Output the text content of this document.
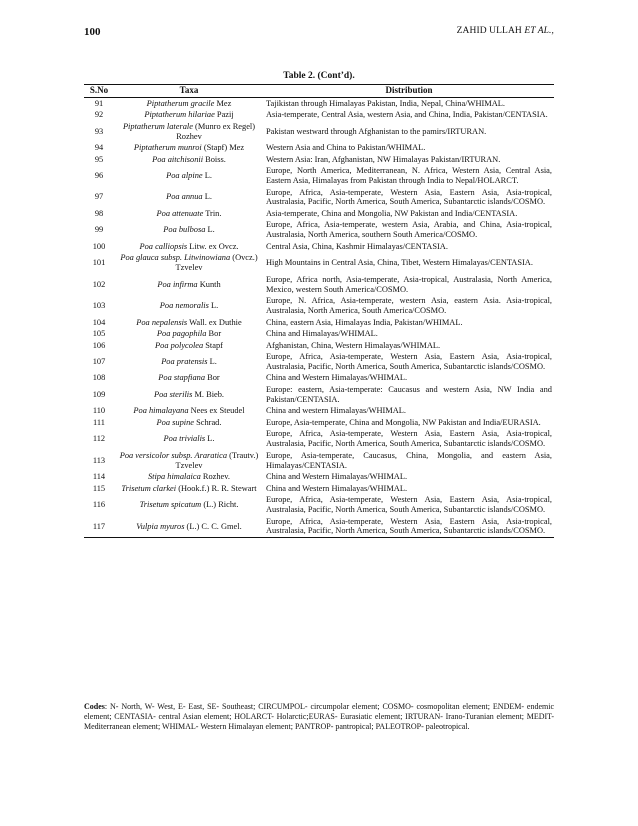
100	ZAHID ULLAH ET AL.,
Table 2. (Cont’d).
S.No	Taxa	Distribution
91	Piptatherum gracile Mez	Tajikistan through Himalayas Pakistan, India, Nepal, China/WHIMAL.
92	Piptatherum hilariae Pazij	Asia-temperate, Central Asia, western Asia, and China, India, Pakistan/CENTASIA.
93	Piptatherum laterale (Munro ex Regel) Rozhev	Pakistan westward through Afghanistan to the pamirs/IRTURAN.
94	Piptatherum munroi (Stapf) Mez	Western Asia and China to Pakistan/WHIMAL.
95	Poa aitchisonii Boiss.	Western Asia: Iran, Afghanistan, NW Himalayas Pakistan/IRTURAN.
96	Poa alpine L.	Europe, North America, Mediterranean, N. Africa, Western Asia, Central Asia, Eastern Asia, Himalayas from Pakistan through India to Nepal/HOLARCT.
97	Poa annua L.	Europe, Africa, Asia-temperate, Western Asia, Eastern Asia, Asia-tropical, Australasia, Pacific, North America, South America, Subantarctic islands/COSMO.
98	Poa attenuate Trin.	Asia-temperate, China and Mongolia, NW Pakistan and India/CENTASIA.
99	Poa bulbosa L.	Europe, Africa, Asia-temperate, western Asia, Arabia, and China, Asia-tropical, Australasia, North America, southern South America/COSMO.
100	Poa calliopsis Litw. ex Ovcz.	Central Asia, China, Kashmir Himalayas/CENTASIA.
101	Poa glauca subsp. Litwinowiana (Ovcz.) Tzvelev	High Mountains in Central Asia, China, Tibet, Western Himalayas/CENTASIA.
102	Poa infirma Kunth	Europe, Africa north, Asia-temperate, Asia-tropical, Australasia, North America, Mexico, western South America/COSMO.
103	Poa nemoralis L.	Europe, N. Africa, Asia-temperate, western Asia, eastern Asia. Asia-tropical, Australasia, North America, South America/COSMO.
104	Poa nepalensis Wall. ex Duthie	China, eastern Asia, Himalayas India, Pakistan/WHIMAL.
105	Poa pagophila Bor	China and Himalayas/WHIMAL.
106	Poa polycolea Stapf	Afghanistan, China, Western Himalayas/WHIMAL.
107	Poa pratensis L.	Europe, Africa, Asia-temperate, Western Asia, Eastern Asia, Asia-tropical, Australasia, Pacific, North America, South America, Subantarctic islands/COSMO.
108	Poa stapfiana Bor	China and Western Himalayas/WHIMAL.
109	Poa sterilis M. Bieb.	Europe: eastern, Asia-temperate: Caucasus and western Asia, NW India and Pakistan/CENTASIA.
110	Poa himalayana Nees ex Steudel	China and western Himalayas/WHIMAL.
111	Poa supine Schrad.	Europe, Asia-temperate, China and Mongolia, NW Pakistan and India/EURASIA.
112	Poa trivialis L.	Europe, Africa, Asia-temperate, Western Asia, Eastern Asia, Asia-tropical, Australasia, Pacific, North America, South America, Subantarctic islands/COSMO.
113	Poa versicolor subsp. Araratica (Trautv.) Tzvelev	Europe, Asia-temperate, Caucasus, China, Mongolia, and eastern Asia, Himalayas/CENTASIA.
114	Stipa himalaica Rozhev.	China and Western Himalayas/WHIMAL.
115	Trisetum clarkei (Hook.f.) R. R. Stewart	China and Western Himalayas/WHIMAL.
116	Trisetum spicatum (L.) Richt.	Europe, Africa, Asia-temperate, Western Asia, Eastern Asia, Asia-tropical, Australasia, Pacific, North America, South America, Subantarctic islands/COSMO.
117	Vulpia myuros (L.) C. C. Gmel.	Europe, Africa, Asia-temperate, Western Asia, Eastern Asia, Asia-tropical, Australasia, Pacific, North America, South America, Subantarctic islands/COSMO.
Codes: N- North, W- West, E- East, SE- Southeast; CIRCUMPOL- circumpolar element; COSMO- cosmopolitan element; ENDEM- endemic element; CENTASIA- central Asian element; HOLARCT- Holarctic;EURAS- Eurasiatic element; IRTURAN- Irano-Turanian element; MEDIT- Mediterranean element; WHIMAL- Western Himalayan element; PANTROP- pantropical; PALEOTROP- paleotropical.
